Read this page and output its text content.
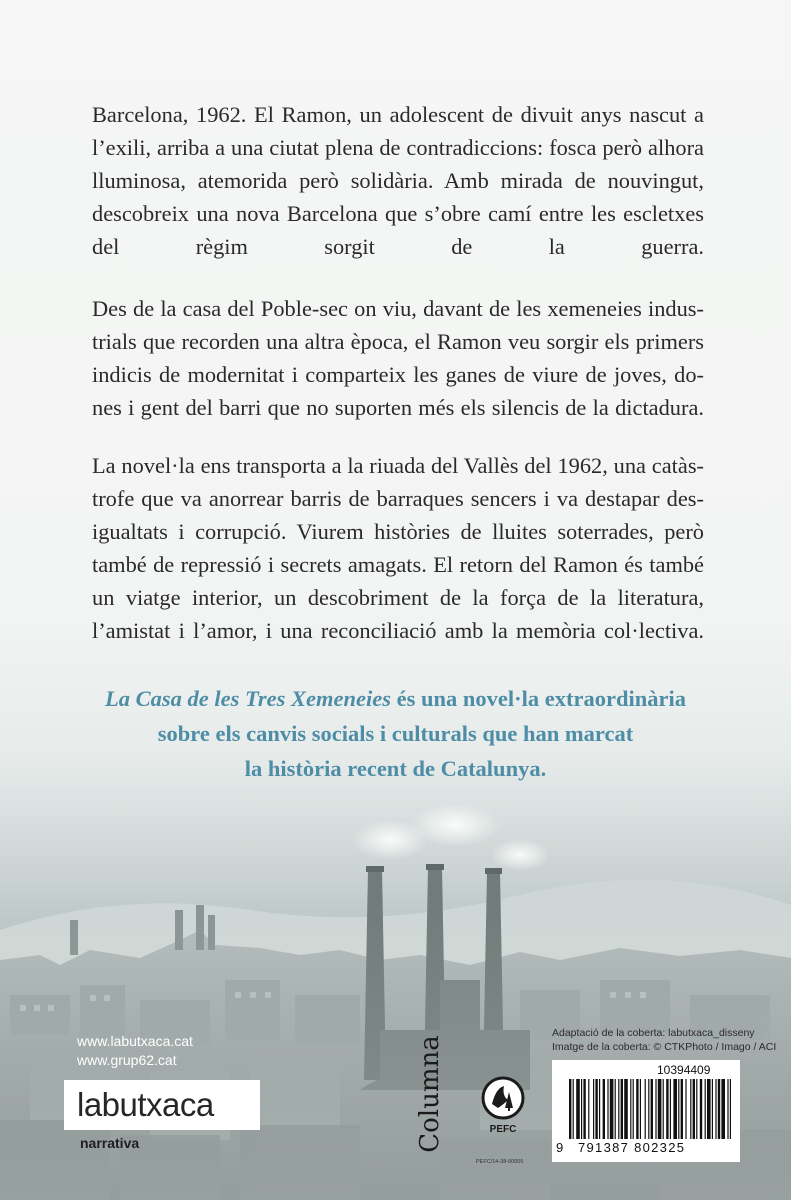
Barcelona, 1962. El Ramon, un adolescent de divuit anys nascut a l’exili, arriba a una ciutat plena de contradiccions: fosca però alhora lluminosa, atemorida però solidària. Amb mirada de nouvingut, descobreix una nova Barcelona que s’obre camí entre les escletxes del règim sorgit de la guerra.

Des de la casa del Poble-sec on viu, davant de les xemeneies industrials que recorden una altra època, el Ramon veu sorgir els primers indicis de modernitat i comparteix les ganes de viure de joves, dones i gent del barri que no suporten més els silencis de la dictadura.

La novel·la ens transporta a la riuada del Vallès del 1962, una catàstrofe que va anorrear barris de barraques sencers i va destapar desigualtats i corrupció. Viurem històries de lluites soterrades, però també de repressió i secrets amagats. El retorn del Ramon és també un viatge interior, un descobriment de la força de la literatura, l’amistat i l’amor, i una reconciliació amb la memòria col·lectiva.

La Casa de les Tres Xemeneies és una novel·la extraordinària
sobre els canvis socials i culturals que han marcat
la història recent de Catalunya.

www.labutxaca.cat
www.grup62.cat
labutxaca
narrativa	Columna	PEFC
PEFC/14-38-00005
Adaptació de la coberta: labutxaca_disseny
Imatge de la coberta: © CTKPhoto / Imago / ACI
10394409
9 791387 802325
